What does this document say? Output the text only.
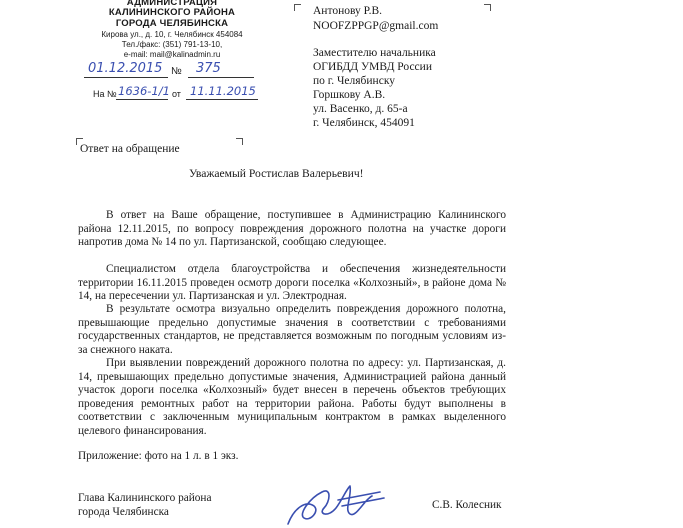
АДМИНИСТРАЦИЯ
КАЛИНИНСКОГО РАЙОНА
ГОРОДА ЧЕЛЯБИНСКА
Кирова ул., д. 10, г. Челябинск 454084
Тел./факс: (351) 791-13-10,
e-mail: mail@kalinadmin.ru
01.12.2015 № 375
На № 1636-1/1 от 11.11.2015
Антонову Р.В.
NOOFZPPGP@gmail.com
Заместителю начальника
ОГИБДД УМВД России
по г. Челябинску
Горшкову А.В.
ул. Васенко, д. 65-а
г. Челябинск, 454091
Ответ на обращение
Уважаемый Ростислав Валерьевич!
В ответ на Ваше обращение, поступившее в Администрацию Калининского района 12.11.2015, по вопросу повреждения дорожного полотна на участке дороги напротив дома № 14 по ул. Партизанской, сообщаю следующее.
Специалистом отдела благоустройства и обеспечения жизнедеятельности территории 16.11.2015 проведен осмотр дороги поселка «Колхозный», в районе дома № 14, на пересечении ул. Партизанская и ул. Электродная.
В результате осмотра визуально определить повреждения дорожного полотна, превышающие предельно допустимые значения в соответствии с требованиями государственных стандартов, не представляется возможным по погодным условиям из-за снежного наката.
При выявлении повреждений дорожного полотна по адресу: ул. Партизанская, д. 14, превышающих предельно допустимые значения, Администрацией района данный участок дороги поселка «Колхозный» будет внесен в перечень объектов требующих проведения ремонтных работ на территории района. Работы будут выполнены в соответствии с заключенным муниципальным контрактом в рамках выделенного целевого финансирования.
Приложение: фото на 1 л. в 1 экз.
Глава Калининского района
города Челябинска
С.В. Колесник
